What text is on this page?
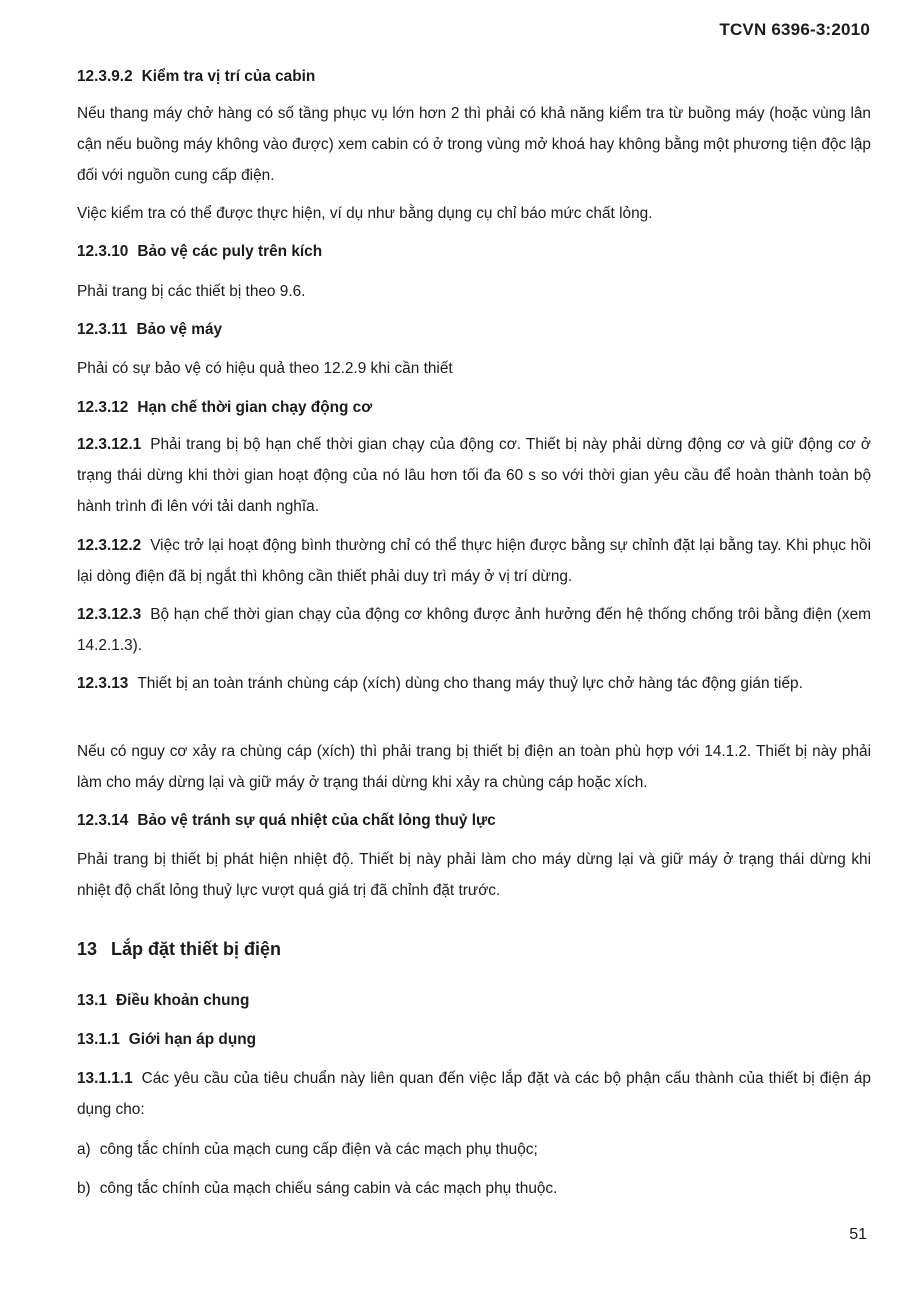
TCVN 6396-3:2010
12.3.9.2 Kiểm tra vị trí của cabin
Nếu thang máy chở hàng có số tầng phục vụ lớn hơn 2 thì phải có khả năng kiểm tra từ buồng máy (hoặc vùng lân cận nếu buồng máy không vào được) xem cabin có ở trong vùng mở khoá hay không bằng một phương tiện độc lập đối với nguồn cung cấp điện.
Việc kiểm tra có thể được thực hiện, ví dụ như bằng dụng cụ chỉ báo mức chất lỏng.
12.3.10 Bảo vệ các puly trên kích
Phải trang bị các thiết bị theo 9.6.
12.3.11 Bảo vệ máy
Phải có sự bảo vệ có hiệu quả theo 12.2.9 khi cần thiết
12.3.12 Hạn chế thời gian chạy động cơ
12.3.12.1 Phải trang bị bộ hạn chế thời gian chạy của động cơ. Thiết bị này phải dừng động cơ và giữ động cơ ở trạng thái dừng khi thời gian hoạt động của nó lâu hơn tối đa 60 s so với thời gian yêu cầu để hoàn thành toàn bộ hành trình đi lên với tải danh nghĩa.
12.3.12.2 Việc trở lại hoạt động bình thường chỉ có thể thực hiện được bằng sự chỉnh đặt lại bằng tay. Khi phục hồi lại dòng điện đã bị ngắt thì không cần thiết phải duy trì máy ở vị trí dừng.
12.3.12.3 Bộ hạn chế thời gian chạy của động cơ không được ảnh hưởng đến hệ thống chống trôi bằng điện (xem 14.2.1.3).
12.3.13 Thiết bị an toàn tránh chùng cáp (xích) dùng cho thang máy thuỷ lực chở hàng tác động gián tiếp.
Nếu có nguy cơ xảy ra chùng cáp (xích) thì phải trang bị thiết bị điện an toàn phù hợp với 14.1.2. Thiết bị này phải làm cho máy dừng lại và giữ máy ở trạng thái dừng khi xảy ra chùng cáp hoặc xích.
12.3.14 Bảo vệ tránh sự quá nhiệt của chất lỏng thuỷ lực
Phải trang bị thiết bị phát hiện nhiệt độ. Thiết bị này phải làm cho máy dừng lại và giữ máy ở trạng thái dừng khi nhiệt độ chất lỏng thuỷ lực vượt quá giá trị đã chỉnh đặt trước.
13 Lắp đặt thiết bị điện
13.1 Điều khoản chung
13.1.1 Giới hạn áp dụng
13.1.1.1 Các yêu cầu của tiêu chuẩn này liên quan đến việc lắp đặt và các bộ phận cấu thành của thiết bị điện áp dụng cho:
a) công tắc chính của mạch cung cấp điện và các mạch phụ thuộc;
b) công tắc chính của mạch chiếu sáng cabin và các mạch phụ thuộc.
51
